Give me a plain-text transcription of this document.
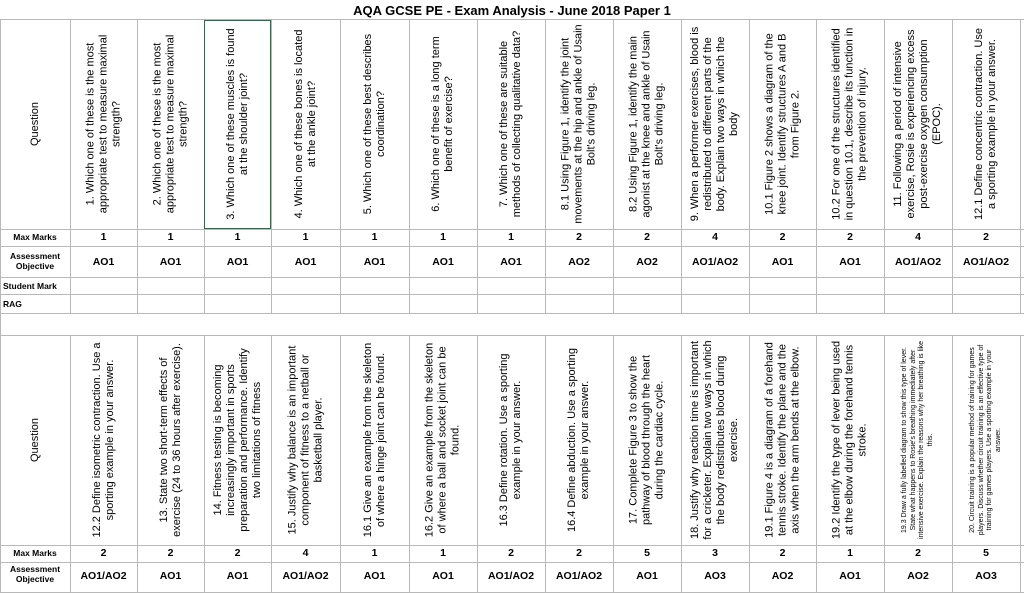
AQA GCSE PE - Exam Analysis - June 2018 Paper 1
Question
Max Marks
Assessment Objective
Student Mark
RAG
1. Which one of these is the most appropriate test to measure maximal strength?
1
AO1
2. Which one of these is the most appropriate test to measure maximal strength?
1
AO1
3. Which one of these muscles is found at the shoulder joint?
1
AO1
4. Which one of these bones is located at the ankle joint?
1
AO1
5. Which one of these best describes coordination?
1
AO1
6. Which one of these is a long term benefit of exercise?
1
AO1
7. Which one of these are suitable methods of collecting qualitative data?
1
AO1
8.1 Using Figure 1, identify the joint movements at the hip and ankle of Usain Bolt's driving leg.
2
AO2
8.2 Using Figure 1, identify the main agonist at the knee and ankle of Usain Bolt's driving leg.
2
AO2
9. When a performer exercises, blood is redistributed to different parts of the body. Explain two ways in which the body
4
AO1/AO2
10.1 Figure 2 shows a diagram of the knee joint. Identify structures A and B from Figure 2.
2
AO1
10.2 For one of the structures identified in question 10.1, describe its function in the prevention of injury.
2
AO1
11. Following a period of intensive exercise, Rosie is experiencing excess post-exercise oxygen consumption (EPOC).
4
AO1/AO2
12.1 Define concentric contraction. Use a sporting example in your answer.
2
AO1/AO2
Question
Max Marks
Assessment Objective
12.2 Define isometric contraction. Use a sporting example in your answer.
2
AO1/AO2
13. State two short-term effects of exercise (24 to 36 hours after exercise).
2
AO1
14. Fitness testing is becoming increasingly important in sports preparation and performance. Identify two limitations of fitness
2
AO1
15. Justify why balance is an important component of fitness to a netball or basketball player.
4
AO1/AO2
16.1 Give an example from the skeleton of where a hinge joint can be found.
1
AO1
16.2 Give an example from the skeleton of where a ball and socket joint can be found.
1
AO1
16.3 Define rotation. Use a sporting example in your answer.
2
AO1/AO2
16.4 Define abduction. Use a sporting example in your answer.
2
AO1/AO2
17. Complete Figure 3 to show the pathway of blood through the heart during the cardiac cycle.
5
AO1
18. Justify why reaction time is important for a cricketer. Explain two ways in which the body redistributes blood during exercise.
3
AO3
19.1 Figure 4 is a diagram of a forehand tennis stroke. Identify the plane and the axis when the arm bends at the elbow.
2
AO2
19.2 Identify the type of lever being used at the elbow during the forehand tennis stroke.
1
AO1
19.3 Draw a fully labelled diagram to show this type of lever. State what happens to Rosie's breathing immediately after intensive exercise. Explain the reasons why her breathing is like this.
2
AO2
20. Circuit training is a popular method of training for games players. Discuss whether circuit training is an effective type of training for games players. Use a sporting example in your answer.
5
AO3
